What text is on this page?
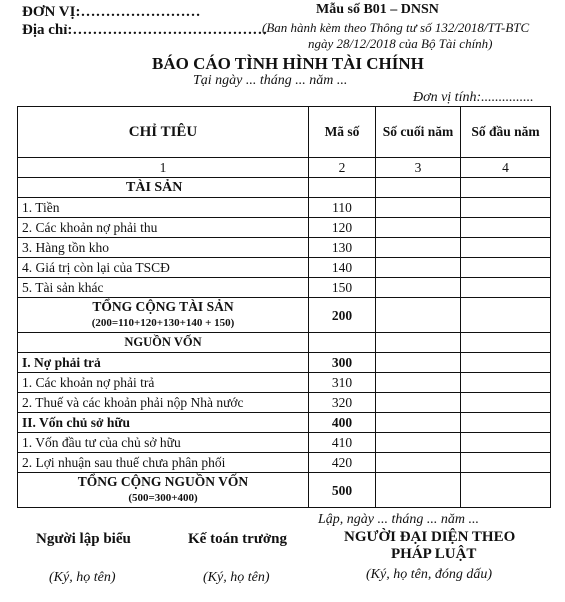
ĐƠN VỊ:……………………
Địa chỉ:…………………………………
Mẫu số B01 – DNSN
(Ban hành kèm theo Thông tư số 132/2018/TT-BTC
ngày 28/12/2018 của Bộ Tài chính)
BÁO CÁO TÌNH HÌNH TÀI CHÍNH
Tại ngày ... tháng ... năm ...
Đơn vị tính:...............
CHỈ TIÊU	Mã số	Số cuối năm	Số đầu năm
1	2	3	4
TÀI SẢN			
1. Tiền	110		
2. Các khoản nợ phải thu	120		
3. Hàng tồn kho	130		
4. Giá trị còn lại của TSCĐ	140		
5. Tài sản khác	150		

TỔNG CỘNG TÀI SẢN
(200=110+120+130+140 + 150)	200		
NGUỒN VỐN			
I. Nợ phải trả	300		
1. Các khoản nợ phải trả	310		
2. Thuế và các khoản phải nộp Nhà nước	320		
II. Vốn chủ sở hữu	400		
1. Vốn đầu tư của chủ sở hữu	410		
2. Lợi nhuận sau thuế chưa phân phối	420		

TỔNG CỘNG NGUỒN VỐN
(500=300+400)	500		
Lập, ngày ... tháng ... năm ...
Người lập biểu	Kế toán trưởng	NGƯỜI ĐẠI DIỆN THEO
PHÁP LUẬT
(Ký, họ tên)	(Ký, họ tên)	(Ký, họ tên, đóng dấu)
